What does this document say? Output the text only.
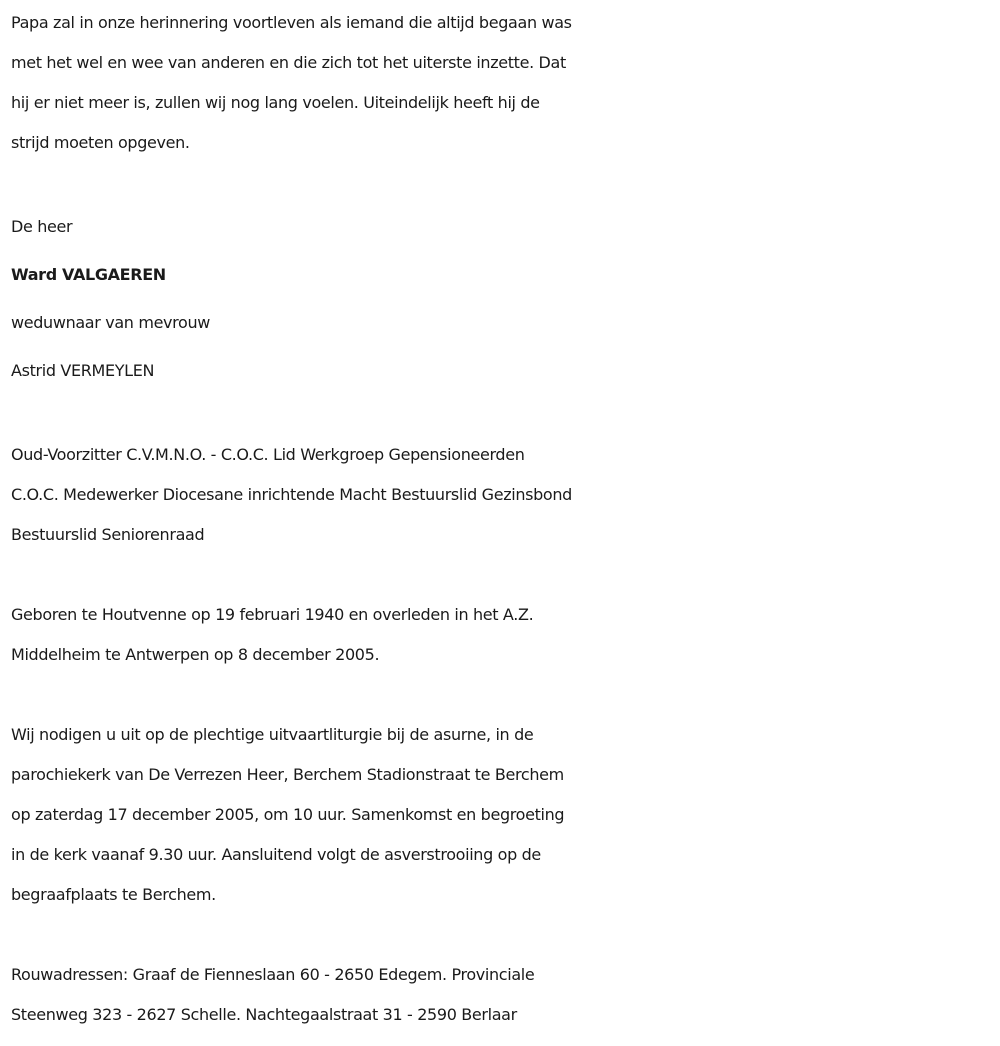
Papa zal in onze herinnering voortleven als iemand die altijd begaan was
met het wel en wee van anderen en die zich tot het uiterste inzette. Dat
hij er niet meer is, zullen wij nog lang voelen. Uiteindelijk heeft hij de
strijd moeten opgeven.
De heer
Ward VALGAEREN
weduwnaar van mevrouw
Astrid VERMEYLEN
Oud-Voorzitter C.V.M.N.O. - C.O.C. Lid Werkgroep Gepensioneerden
C.O.C. Medewerker Diocesane inrichtende Macht Bestuurslid Gezinsbond
Bestuurslid Seniorenraad
Geboren te Houtvenne op 19 februari 1940 en overleden in het A.Z.
Middelheim te Antwerpen op 8 december 2005.
Wij nodigen u uit op de plechtige uitvaartliturgie bij de asurne, in de
parochiekerk van De Verrezen Heer, Berchem Stadionstraat te Berchem
op zaterdag 17 december 2005, om 10 uur. Samenkomst en begroeting
in de kerk vaanaf 9.30 uur. Aansluitend volgt de asverstrooiing op de
begraafplaats te Berchem.
Rouwadressen: Graaf de Fienneslaan 60 - 2650 Edegem. Provinciale
Steenweg 323 - 2627 Schelle. Nachtegaalstraat 31 - 2590 Berlaar
